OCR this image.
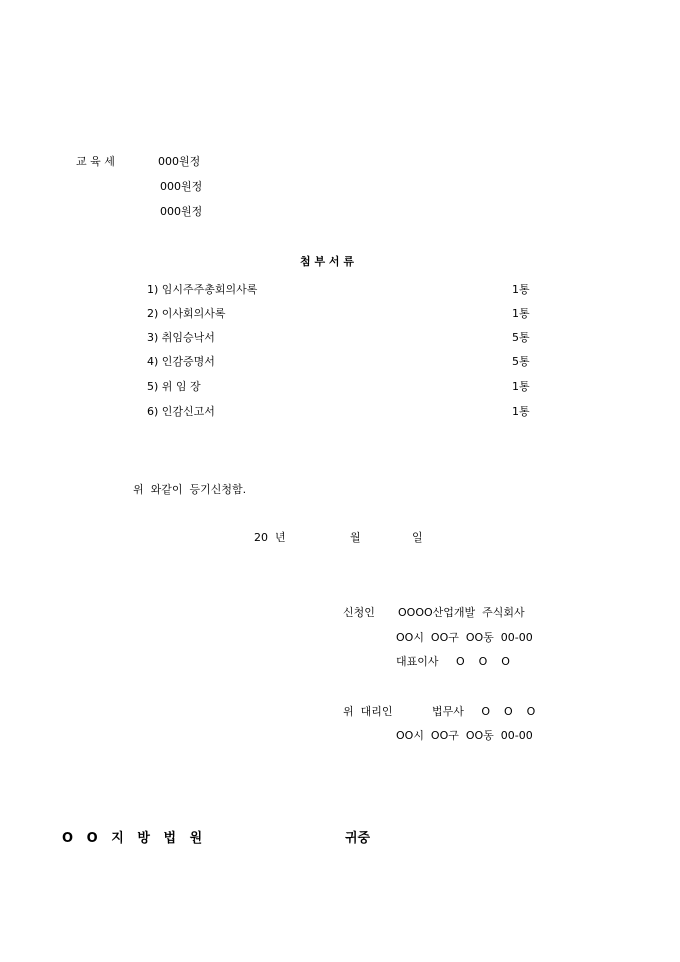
교 육 세	000원정
000원정
000원정
첨 부 서 류
1) 임시주주총회의사록	1통
2) 이사회의사록	1통
3) 취임승낙서	5통
4) 인감증명서	5통
5) 위 임 장	1통
6) 인감신고서	1통
위  와같이  등기신청함.
20  년	월	일
신청인 OOOO산업개발  주식회사
OO시  OO구  OO동  00-00
대표이사     O    O    O
위  대리인	법무사     O    O    O
OO시  OO구  OO동  00-00
O   O   지   방   법   원	귀중
